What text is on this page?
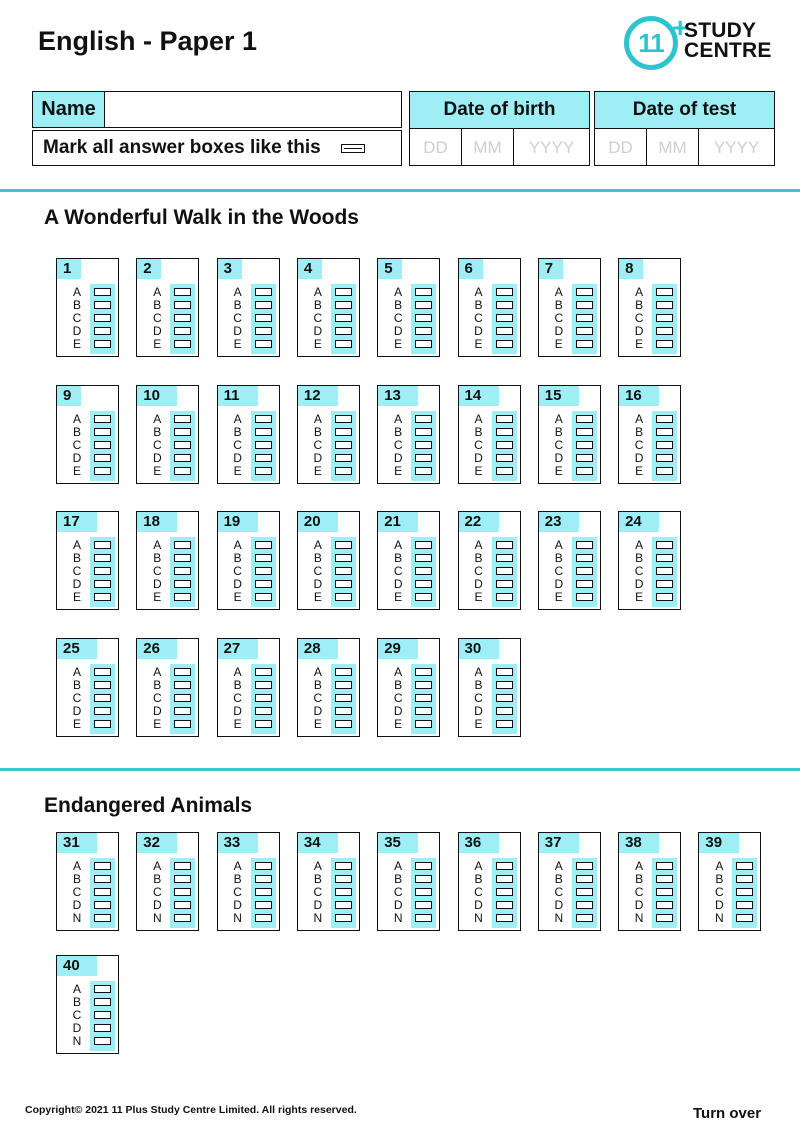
English - Paper 1	11 +
STUDY
CENTRE
Name
Mark all answer boxes like this
Date of birth
DD	MM	YYYY
Date of test
DD	MM	YYYY
A Wonderful Walk in the Woods
1
A
B
C
D
E
2
A
B
C
D
E
3
A
B
C
D
E
4
A
B
C
D
E
5
A
B
C
D
E
6
A
B
C
D
E
7
A
B
C
D
E
8
A
B
C
D
E
9
A
B
C
D
E
10
A
B
C
D
E
11
A
B
C
D
E
12
A
B
C
D
E
13
A
B
C
D
E
14
A
B
C
D
E
15
A
B
C
D
E
16
A
B
C
D
E
17
A
B
C
D
E
18
A
B
C
D
E
19
A
B
C
D
E
20
A
B
C
D
E
21
A
B
C
D
E
22
A
B
C
D
E
23
A
B
C
D
E
24
A
B
C
D
E
25
A
B
C
D
E
26
A
B
C
D
E
27
A
B
C
D
E
28
A
B
C
D
E
29
A
B
C
D
E
30
A
B
C
D
E
Endangered Animals
31
A
B
C
D
N
32
A
B
C
D
N
33
A
B
C
D
N
34
A
B
C
D
N
35
A
B
C
D
N
36
A
B
C
D
N
37
A
B
C
D
N
38
A
B
C
D
N
39
A
B
C
D
N
40
A
B
C
D
N
Copyright© 2021 11 Plus Study Centre Limited. All rights reserved.	Turn over
